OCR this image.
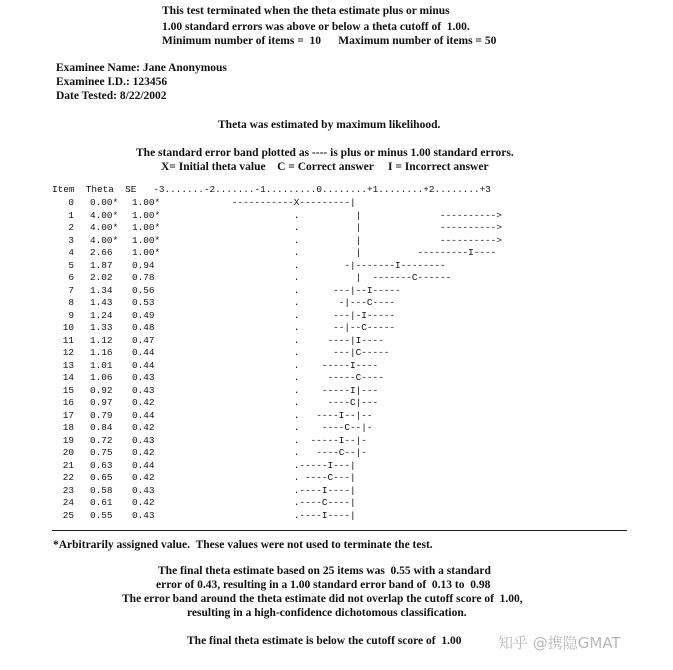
This test terminated when the theta estimate plus or minus
1.00 standard errors was above or below a theta cutoff of  1.00.
Minimum number of items =  10      Maximum number of items = 50
Examinee Name: Jane Anonymous
Examinee I.D.: 123456
Date Tested: 8/22/2002
Theta was estimated by maximum likelihood.
The standard error band plotted as ---- is plus or minus 1.00 standard errors.
X= Initial theta value    C = Correct answer     I = Incorrect answer
Item  Theta  SE   -3.......-2.......-1.........0........+1........+2........+3
0 0.00* 1.00* -----------X---------|
1 4.00* 1.00* .          |              ---------->
2 4.00* 1.00* .          |              ---------->
3 4.00* 1.00* .          |              ---------->
4 2.66 1.00* .          |          ---------I----
5 1.87 0.94 .        -|-------I--------
6 2.02 0.78 .          |  -------C------
7 1.34 0.56 .      ---|--I-----
8 1.43 0.53 .       -|---C----
9 1.24 0.49 .      ---|-I-----
10 1.33 0.48 .      --|--C-----
11 1.12 0.47 .     ----|I----
12 1.16 0.44 .      ---|C-----
13 1.01 0.44 .    -----I----
14 1.06 0.43 .     -----C----
15 0.92 0.43 .    -----I|---
16 0.97 0.42 .     ----C|---
17 0.79 0.44 .   ----I--|--
18 0.84 0.42 .    ----C--|-
19 0.72 0.43 .  -----I--|-
20 0.75 0.42 .   ----C--|-
21 0.63 0.44 .-----I---|
22 0.65 0.42 . ----C---|
23 0.58 0.43 .----I----|
24 0.61 0.42 .----C----|
25 0.55 0.43 .----I----|
*Arbitrarily assigned value.  These values were not used to terminate the test.
The final theta estimate based on 25 items was  0.55 with a standard
error of 0.43, resulting in a 1.00 standard error band of  0.13 to  0.98
The error band around the theta estimate did not overlap the cutoff score of  1.00,
resulting in a high-confidence dichotomous classification.
The final theta estimate is below the cutoff score of  1.00 知乎 @携隐GMAT
